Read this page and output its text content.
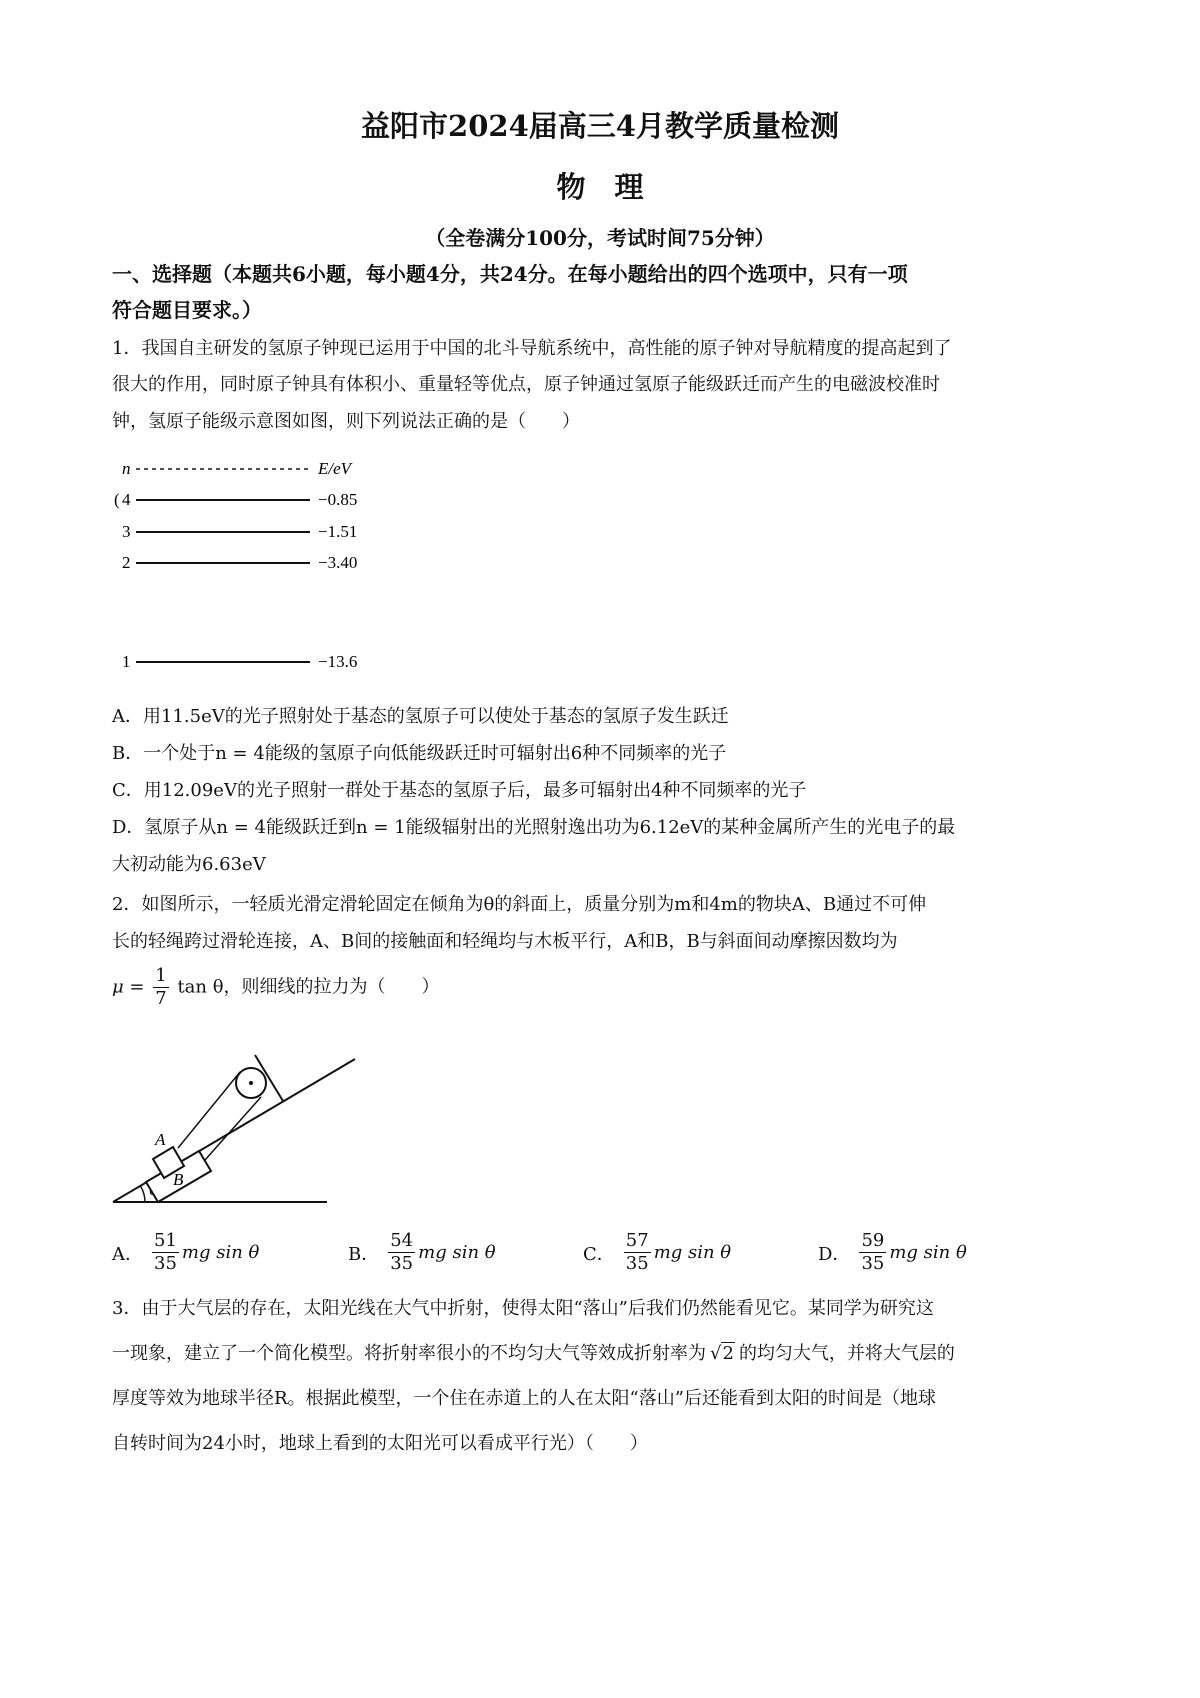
益阳市2024届高三4月教学质量检测
物　理
（全卷满分100分，考试时间75分钟）
一、选择题（本题共6小题，每小题4分，共24分。在每小题给出的四个选项中，只有一项
符合题目要求。）
1．我国自主研发的氢原子钟现已运用于中国的北斗导航系统中，高性能的原子钟对导航精度的提高起到了
很大的作用，同时原子钟具有体积小、重量轻等优点，原子钟通过氢原子能级跃迁而产生的电磁波校准时
钟，氢原子能级示意图如图，则下列说法正确的是（　　）
n	E/eV
( 4	−0.85
3	−1.51
2	−3.40
1	−13.6
A．用11.5eV的光子照射处于基态的氢原子可以使处于基态的氢原子发生跃迁
B．一个处于n = 4能级的氢原子向低能级跃迁时可辐射出6种不同频率的光子
C．用12.09eV的光子照射一群处于基态的氢原子后，最多可辐射出4种不同频率的光子
D．氢原子从n = 4能级跃迁到n = 1能级辐射出的光照射逸出功为6.12eV的某种金属所产生的光电子的最
大初动能为6.63eV
2．如图所示，一轻质光滑定滑轮固定在倾角为θ的斜面上，质量分别为m和4m的物块A、B通过不可伸
长的轻绳跨过滑轮连接，A、B间的接触面和轻绳均与木板平行，A和B，B与斜面间动摩擦因数均为
$\mu = \frac{1}{7}$ tan θ，则细线的拉力为（　　）
B
A
A． $\frac{51}{35}$ mg sin θ	B． $\frac{54}{35}$ mg sin θ	C． $\frac{57}{35}$ mg sin θ	D． $\frac{59}{35}$ mg sin θ
3．由于大气层的存在，太阳光线在大气中折射，使得太阳“落山”后我们仍然能看见它。某同学为研究这
一现象，建立了一个简化模型。将折射率很小的不均匀大气等效成折射率为 √2 的均匀大气，并将大气层的
厚度等效为地球半径R。根据此模型，一个住在赤道上的人在太阳“落山”后还能看到太阳的时间是（地球
自转时间为24小时，地球上看到的太阳光可以看成平行光）（　　）
